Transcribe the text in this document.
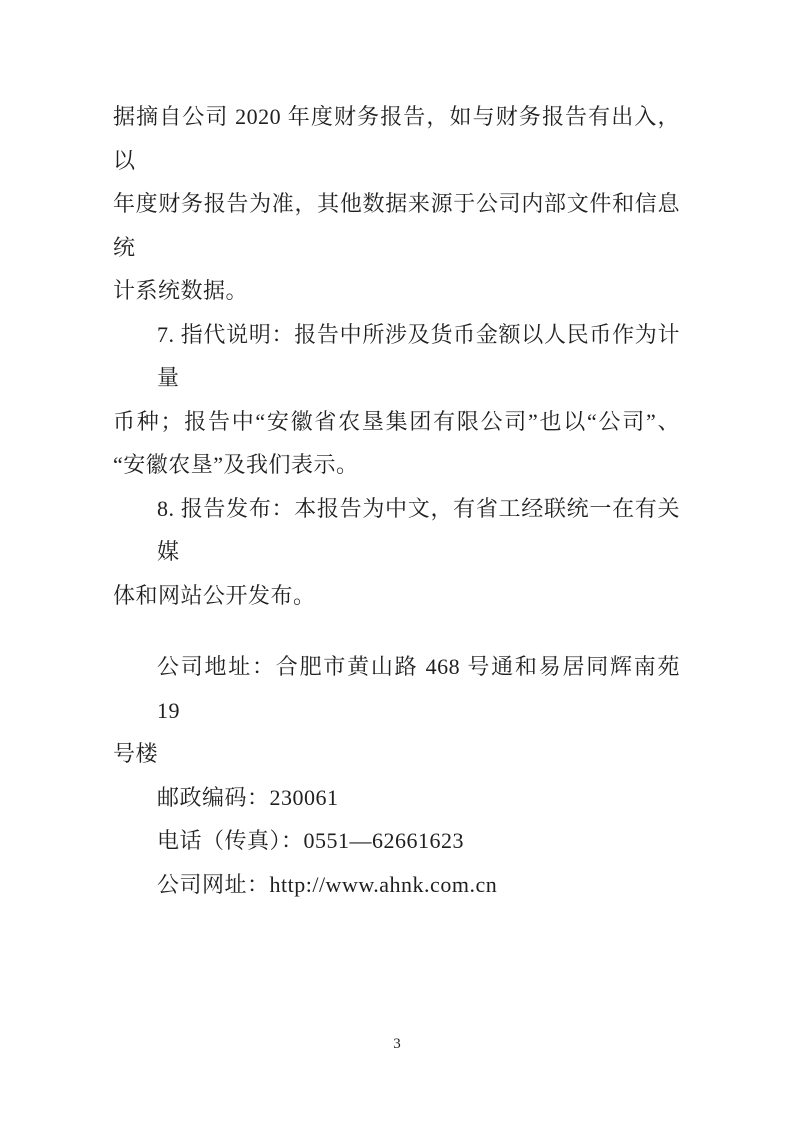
据摘自公司 2020 年度财务报告，如与财务报告有出入，以
年度财务报告为准，其他数据来源于公司内部文件和信息统
计系统数据。
7. 指代说明：报告中所涉及货币金额以人民币作为计量
币种；报告中“安徽省农垦集团有限公司”也以“公司”、
“安徽农垦”及我们表示。
8. 报告发布：本报告为中文，有省工经联统一在有关媒
体和网站公开发布。
公司地址：合肥市黄山路 468 号通和易居同辉南苑 19
号楼
邮政编码：230061
电话（传真）：0551—62661623
公司网址：http://www.ahnk.com.cn
3
